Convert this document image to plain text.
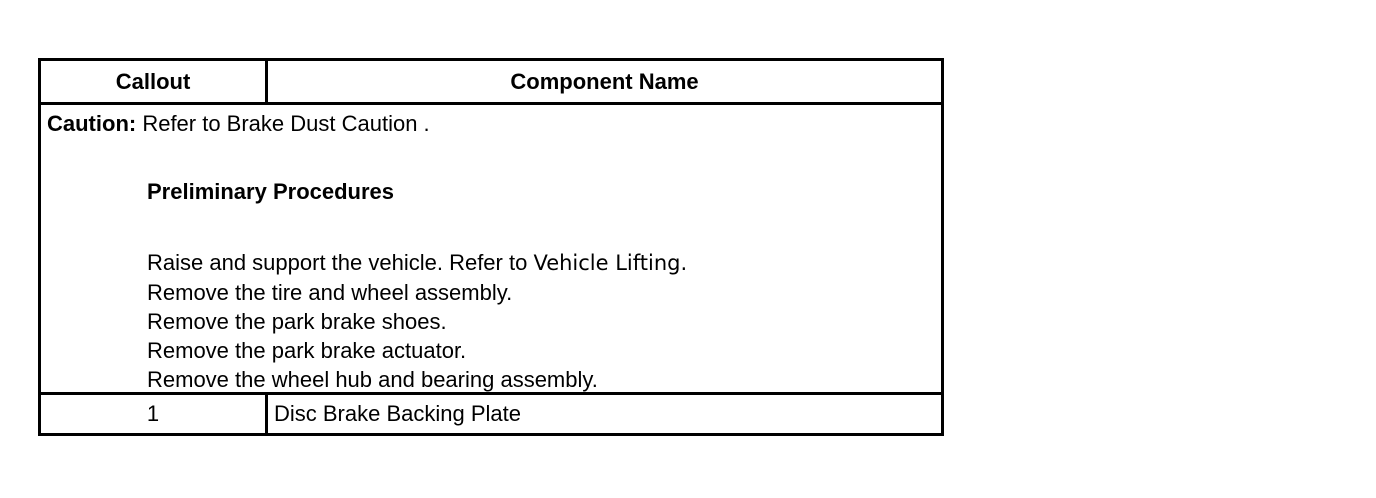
Callout	Component Name
Caution: Refer to Brake Dust Caution .
Preliminary Procedures
Raise and support the vehicle. Refer to Vehicle Lifting.
Remove the tire and wheel assembly.
Remove the park brake shoes.
Remove the park brake actuator.
Remove the wheel hub and bearing assembly.
1	Disc Brake Backing Plate
